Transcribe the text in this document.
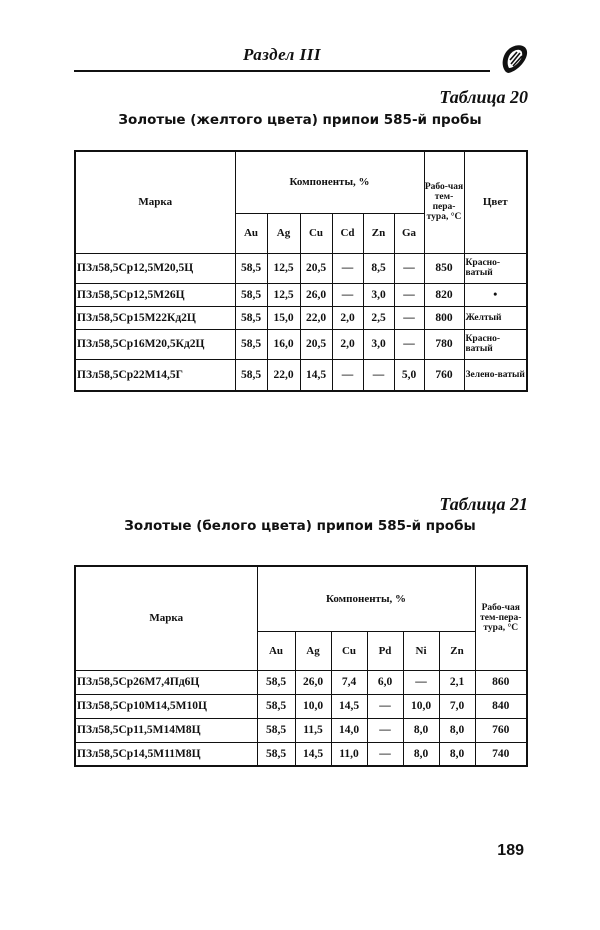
Раздел III
Таблица 20
Золотые (желтого цвета) припои 585-й пробы
Марка	Компоненты, %						Рабо-чая тем-пера-тура, °С	Цвет
	Au	Ag	Cu	Cd	Zn	Ga		
ПЗл58,5Ср12,5М20,5Ц	58,5	12,5	20,5	—	8,5	—	850	Красно-ватый
ПЗл58,5Ср12,5М26Ц	58,5	12,5	26,0	—	3,0	—	820	•
ПЗл58,5Ср15М22Кд2Ц	58,5	15,0	22,0	2,0	2,5	—	800	Желтый
ПЗл58,5Ср16М20,5Кд2Ц	58,5	16,0	20,5	2,0	3,0	—	780	Красно-ватый
ПЗл58,5Ср22М14,5Г	58,5	22,0	14,5	—	—	5,0	760	Зелено-ватый
Таблица 21
Золотые (белого цвета) припои 585-й пробы
Марка	Компоненты, %						Рабо-чая тем-пера-тура, °С
	Au	Ag	Cu	Pd	Ni	Zn	
ПЗл58,5Ср26М7,4Пд6Ц	58,5	26,0	7,4	6,0	—	2,1	860
ПЗл58,5Ср10М14,5М10Ц	58,5	10,0	14,5	—	10,0	7,0	840
ПЗл58,5Ср11,5М14М8Ц	58,5	11,5	14,0	—	8,0	8,0	760
ПЗл58,5Ср14,5М11М8Ц	58,5	14,5	11,0	—	8,0	8,0	740
189
